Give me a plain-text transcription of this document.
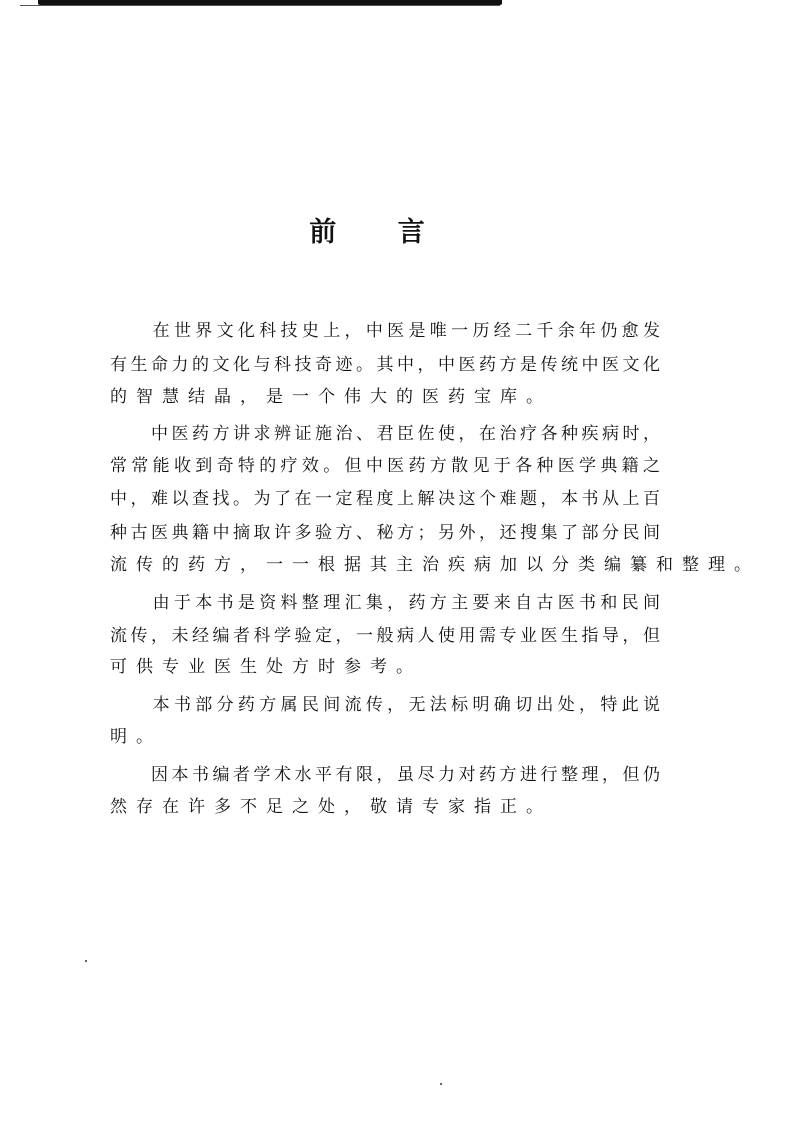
前 言
　　在世界文化科技史上，中医是唯一历经二千余年仍愈发
有生命力的文化与科技奇迹。其中，中医药方是传统中医文化
的智慧结晶，是一个伟大的医药宝库。
　　中医药方讲求辨证施治、君臣佐使，在治疗各种疾病时，
常常能收到奇特的疗效。但中医药方散见于各种医学典籍之
中，难以查找。为了在一定程度上解决这个难题，本书从上百
种古医典籍中摘取许多验方、秘方；另外，还搜集了部分民间
流传的药方，一一根据其主治疾病加以分类编纂和整理。
　　由于本书是资料整理汇集，药方主要来自古医书和民间
流传，未经编者科学验定，一般病人使用需专业医生指导，但
可供专业医生处方时参考。
　　本书部分药方属民间流传，无法标明确切出处，特此说
明。
　　因本书编者学术水平有限，虽尽力对药方进行整理，但仍
然存在许多不足之处，敬请专家指正。
